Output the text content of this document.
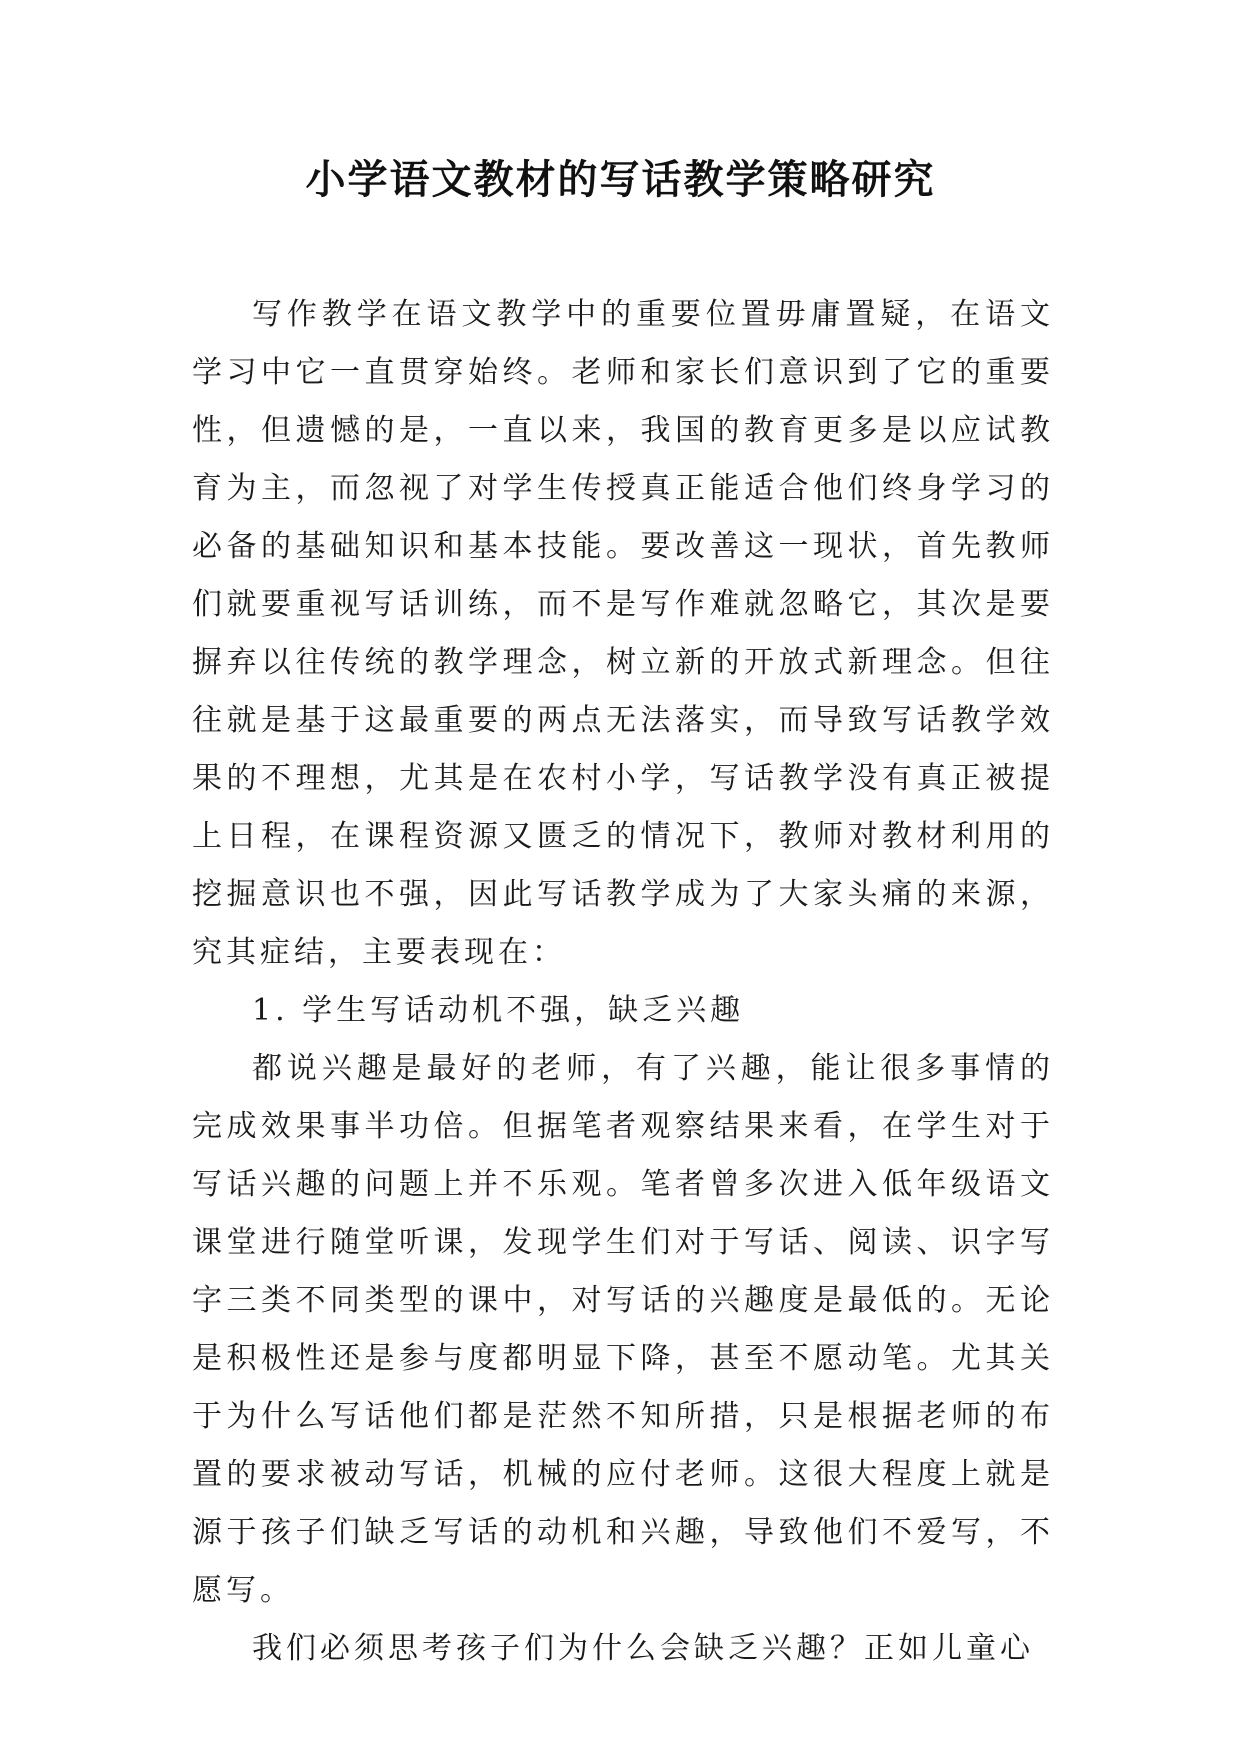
小学语文教材的写话教学策略研究

写作教学在语文教学中的重要位置毋庸置疑，在语文学习中它一直贯穿始终。老师和家长们意识到了它的重要性，但遗憾的是，一直以来，我国的教育更多是以应试教育为主，而忽视了对学生传授真正能适合他们终身学习的必备的基础知识和基本技能。要改善这一现状，首先教师们就要重视写话训练，而不是写作难就忽略它，其次是要摒弃以往传统的教学理念，树立新的开放式新理念。但往往就是基于这最重要的两点无法落实，而导致写话教学效果的不理想，尤其是在农村小学，写话教学没有真正被提上日程，在课程资源又匮乏的情况下，教师对教材利用的挖掘意识也不强，因此写话教学成为了大家头痛的来源，究其症结，主要表现在：

1. 学生写话动机不强，缺乏兴趣

都说兴趣是最好的老师，有了兴趣，能让很多事情的完成效果事半功倍。但据笔者观察结果来看，在学生对于写话兴趣的问题上并不乐观。笔者曾多次进入低年级语文课堂进行随堂听课，发现学生们对于写话、阅读、识字写字三类不同类型的课中，对写话的兴趣度是最低的。无论是积极性还是参与度都明显下降，甚至不愿动笔。尤其关于为什么写话他们都是茫然不知所措，只是根据老师的布置的要求被动写话，机械的应付老师。这很大程度上就是源于孩子们缺乏写话的动机和兴趣，导致他们不爱写，不愿写。

我们必须思考孩子们为什么会缺乏兴趣？正如儿童心
